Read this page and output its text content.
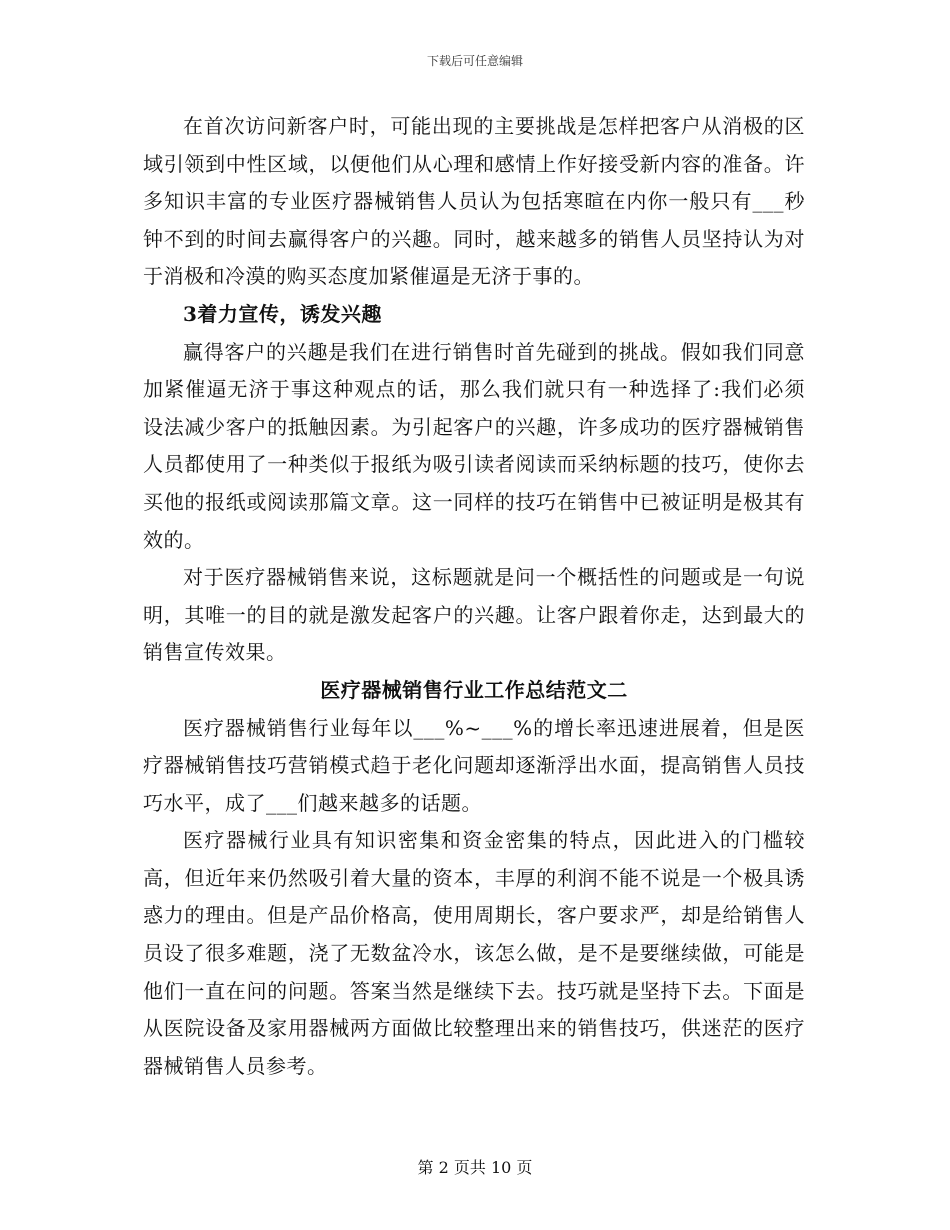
下载后可任意编辑

在首次访问新客户时，可能出现的主要挑战是怎样把客户从消极的区域引领到中性区域，以便他们从心理和感情上作好接受新内容的准备。许多知识丰富的专业医疗器械销售人员认为包括寒暄在内你一般只有___秒钟不到的时间去赢得客户的兴趣。同时，越来越多的销售人员坚持认为对于消极和冷漠的购买态度加紧催逼是无济于事的。

3着力宣传，诱发兴趣

赢得客户的兴趣是我们在进行销售时首先碰到的挑战。假如我们同意加紧催逼无济于事这种观点的话，那么我们就只有一种选择了:我们必须设法减少客户的抵触因素。为引起客户的兴趣，许多成功的医疗器械销售人员都使用了一种类似于报纸为吸引读者阅读而采纳标题的技巧，使你去买他的报纸或阅读那篇文章。这一同样的技巧在销售中已被证明是极其有效的。

对于医疗器械销售来说，这标题就是问一个概括性的问题或是一句说明，其唯一的目的就是激发起客户的兴趣。让客户跟着你走，达到最大的销售宣传效果。

医疗器械销售行业工作总结范文二

医疗器械销售行业每年以___%~___%的增长率迅速进展着，但是医疗器械销售技巧营销模式趋于老化问题却逐渐浮出水面，提高销售人员技巧水平，成了___们越来越多的话题。

医疗器械行业具有知识密集和资金密集的特点，因此进入的门槛较高，但近年来仍然吸引着大量的资本，丰厚的利润不能不说是一个极具诱惑力的理由。但是产品价格高，使用周期长，客户要求严，却是给销售人员设了很多难题，浇了无数盆冷水，该怎么做，是不是要继续做，可能是他们一直在问的问题。答案当然是继续下去。技巧就是坚持下去。下面是从医院设备及家用器械两方面做比较整理出来的销售技巧，供迷茫的医疗器械销售人员参考。

第 2 页共 10 页
